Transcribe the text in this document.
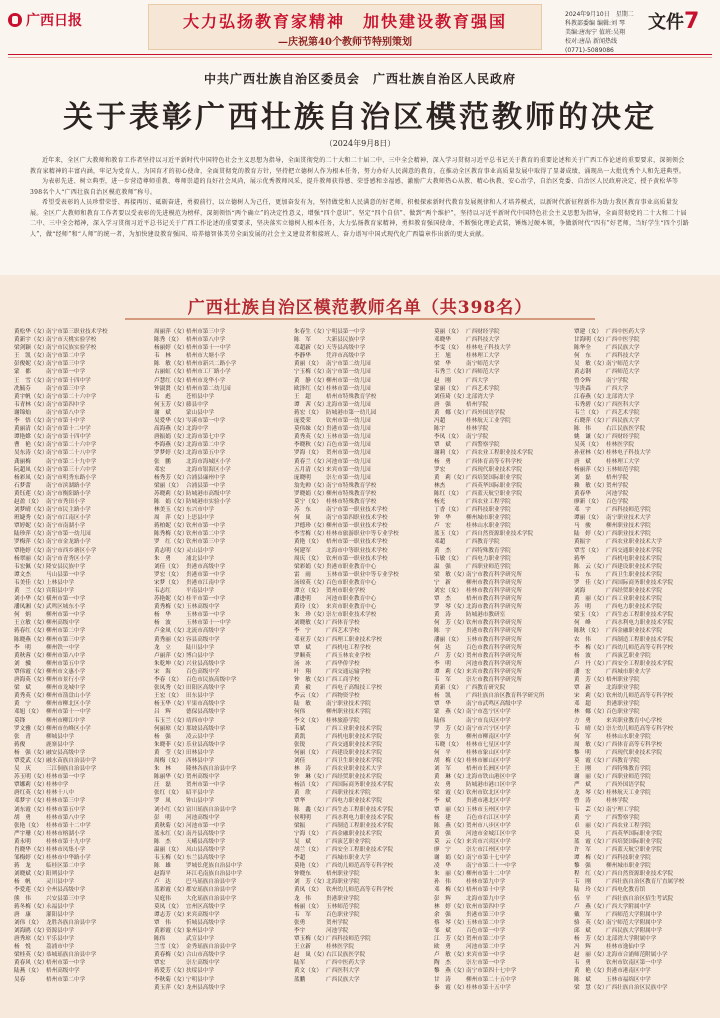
广西日报	大力弘扬教育家精神　加快建设教育强国
—庆祝第40个教师节特别策划
2024年9月10日　星期二
科教部委编 编辑:刘 琴
美编:唐海宁 值班:吴翔
校对:唐晶 新闻热线(0771)-5089086
文件7
中共广西壮族自治区委员会　广西壮族自治区人民政府
关于表彰广西壮族自治区模范教师的决定
（2024年9月8日）

近年来，全区广大教师和教育工作者坚持以习近平新时代中国特色社会主义思想为指导，全面贯彻党的二十大和二十届二中、三中全会精神，深入学习贯彻习近平总书记关于教育的重要论述和关于广西工作论述的重要要求，深刻领会教育家精神的丰富内涵，牢记为党育人、为国育才的初心使命，全面贯彻党的教育方针，坚持把立德树人作为根本任务，努力办好人民满意的教育，在推动全区教育事业高质量发展中取得了显著成绩，涌现出一大批优秀个人和先进典型。

为表彰先进、树立典型，进一步营造尊师重教、尊师崇道的良好社会风尚，展示优秀教师风采，提升教师获得感、荣誉感和幸福感，激励广大教师热心从教、精心执教、安心治学，自治区党委、自治区人民政府决定，授予黄松华等398名个人“广西壮族自治区模范教师”称号。

希望受表彰的人员珍惜荣誉、再接再厉、砥砺奋进，勇毅前行，以立德树人为己任，更加奋发有为，坚持做党和人民满意的好老师，积极探索新时代教育发展规律和人才培养模式，以新时代新征程新作为助力我区教育事业高质量发展。全区广大教师和教育工作者要以受表彰的先进模范为榜样，深刻领悟“两个确立”的决定性意义，增强“四个意识”、坚定“四个自信”、做到“两个维护”，坚持以习近平新时代中国特色社会主义思想为指导，全面贯彻党的二十大和二十届二中、三中全会精神，深入学习贯彻习近平总书记关于广西工作论述的重要要求，坚决落实立德树人根本任务，大力弘扬教育家精神，勇担教育强国使命，不断强化理论武装，锤炼过硬本领，争做新时代“四有”好老师，当好学生“四个引路人”，做“经师”和“人师”的统一者，为加快建设教育强国、培养德智体美劳全面发展的社会主义建设者和接班人、奋力谱写中国式现代化广西篇章作出新的更大贡献。

广西壮族自治区模范教师名单（共398名）
黄松华（女）南宁市第三职业技术学校
黄新宇（女）南宁市天桃实验学校
梁剑颖（女）南宁市民族实验学校
王　凯（女）南宁市第二中学
彭俊妮（女）南宁市第三中学
蒙　都	南宁市第一中学
王　雪（女）南宁市第十四中学
冼毓芬	南宁市第三中学
黄宇帆（女）南宁市第二十六中学
韦青林（女）南宁市第四中学
谢锦灿	南宁市第八中学
李　悟（女）南宁市第十中学
黄丽清（女）南宁市第十二中学
谭艳嫦（女）南宁市第十四中学
曹　艳（女）南宁市第二十六中学
吴东涛（女）南宁市第二十八中学
龚丽梅	南宁市第二十九中学
阮超凤（女）南宁市第三十六中学
杨彩凤（女）南宁市明秀东路小学
石梦蕾	南宁市滨湖路小学
黄钰莲（女）南宁市衡阳路小学
赵盈（女） 南宁市秀田小学
刘梦晴（女）南宁市民主路小学
班婕秀（女）南宁市江南区小学
覃婷妮（女）南宁市南湖小学
陆珍萍（女）南宁市第一幼儿园
罗梅萍（女）南宁市金龙路小学
覃艳婷（女）南宁市西乡塘区小学
杨翠丽（女）南宁市青秀区小学
韦宏佩（女）隆安县民族中学
谭文杰	马山县第一中学
韦美佳（女）上林县中学
黄　兰（女）宾阳县中学
刘小华（女）横州市第一中学
潘凤湘（女）武鸣区城东小学
何　炳	柳州市第一中学
王立敏（女）柳州高级中学
蒋春红（女）柳州市第二中学
陈晓燕（女）柳州市第三中学
李　明	柳州铁一中学
黄秋蓉（女）柳州市第八中学
刘　骥	柳州市第五中学
覃伟霞（女）柳州市文惠小学
唐海英（女）柳州市景行小学
梁　斌	柳州市龙城中学
黄秀英（女）柳州市箭盘山小学
黄　宁	柳州市柳北区小学
邓旭（女） 柳州市第十一中学
莫锋	柳州市柳江中学
罗文雅（女）柳州市鱼峰区小学
张　青	柳城县中学
蒋俊	鹿寨县中学
杨　强（女）融安县高级中学
覃爱武（女）融水苗族自治县中学
吴　庆	三江侗族自治县中学
苏玉明（女）桂林市第一中学
覃娜莉（女）桂林中学
唐红英（女）桂林十八中
邓梦宇（女）桂林市第三中学
刘东霞（女）桂林市第五中学
胡　勇	桂林市第八中学
张艳（女） 桂林市第十二中学
严宇珊（女）桂林市榕湖小学
黄永明	桂林市第十九中学
肖晓华（女）桂林市凤集小学
邹梅婷（女）桂林市中华路小学
蒋　龙	临桂区第二中学
刘晓斌（女）阳朔县中学
杨　帆	灵川县中学
李爱莲（女）全州县高级中学
熊　伟	兴安县第三中学
蒋冬梅（女）永福县中学
唐　康	灌阳县中学
刘伟（女） 龙胜各族自治县中学
刘海鸥（女）资源县中学
唐秀琼（女）平乐县中学
杨　悦	荔浦市中学
梁桂英（女）恭城瑶族自治县中学
黄春风（女）梧州市第一中学
陆燕（女） 梧州高级中学
吴春	梧州市第二中学
周丽萍（女）梧州市第三中学
陈秀（女） 梧州市第八中学
杨丽婷（女）梧州市第十一中学
韦　林	梧州市大塘小学
陈　敏（女）梧州市新兴二路小学
古丽虹（女）梧州市工厂路小学
卢慧红（女）梧州市龙华小学
钟淑贤（女）梧州市第二幼儿园
韦　彪	苍梧县中学
何玉芳（女）藤县中学
谢　斌	蒙山县中学
吴爱华（女）岑溪市第一中学
高海燕（女）北海中学
唐振娟（女）北海市第七中学
李海燕（女）北海市第二中学
罗梦婷（女）北海市第五中学
张　鹏	北海市海城区小学
邓宏	北海市银海区小学
杨秀芳（女）合浦县廉州中学
梁丽（女） 合浦县第一中学
苏晓莉（女）防城港市高级中学
陈　娟（女）防城港市实验小学
林美玉（女）东兴市中学
周　萍（女）上思县中学
蒋柏妮（女）钦州市第一中学
陈秀梅（女）钦州市第二中学
罗　红（女）钦州市第三中学
黄志明（女）灵山县中学
朱　勇	浦北县中学
刘佳（女） 贵港市高级中学
罗宏（女） 贵港市第一中学
宋梦（女） 贵港市江南中学
韦志红	平南县中学
苏艳妮（女）桂平市第一中学
黄秀梅（女）玉林高级中学
杨　华	玉林市第一中学
杨　波	玉林市第十一中学
卢金凤（女）北流市高级中学
黄秀丽（女）容县高级中学
龙　立	陆川县中学
卢丽萍（女）博白县中学
朱乾坤（女）兴业县高级中学
宋　海	百色高级中学
李春（女） 百色市民族高级中学
张凤秀（女）田阳区高级中学
王宏（女） 田东县中学
杨玉华（女）平果市高级中学
吕　辉	德保县高级中学
韦玉兰（女）靖西市中学
何丽琼（女）那坡县高级中学
杨　强	凌云县中学
朱晓菲（女）乐业县高级中学
黄　莹（女）田林县中学
周梅（女） 西林县中学
朱　林	隆林各族自治县中学
陈丽华（女）贺州高级中学
汪　磊	贺州市第一中学
张红（女） 昭平县中学
罗　凤	钟山县中学
刘小红（女）富川瑶族自治县中学
彭　明	河池高级中学
黄秋菊（女）河池市第一中学
蓝永红（女）南丹县高级中学
陈　杰	天峨县高级中学
温丽（女） 凤山县高级中学
韦玉梅（女）东兰县高级中学
陈　雄	罗城仫佬族自治县中学
赵海平	环江毛南族自治县中学
卢　达	巴马瑶族自治县中学
蓝彩霞（女）都安瑶族自治县中学
吴庭伟	大化瑶族自治县中学
莫凤（女） 宜州区高级中学
谭志芳（女）来宾高级中学
覃　伟	忻城县高级中学
黄彩霞（女）象州县中学
陈伟	武宣县中学
兰雪（女） 金秀瑶族自治县中学
黄春梅（女）合山市高级中学
覃宏	崇左高级中学
蒋爱芳（女）扶绥县中学
李秋菊（女）宁明县中学
黄玉萍（女）龙州县高级中学
朱春生（女）宁明县第一中学
陈　军	大新县民族中学
邓超新（女）天等县高级中学
李静华	凭祥市高级中学
黄丽（女） 南宁市第二幼儿园
宁玉梅（女）南宁市第一幼儿园
黄　静（女）柳州市第一幼儿园
欧泽红（女）桂林市第一幼儿园
王　超	梧州市特殊教育学校
谭　茜（女）北海市第一幼儿园
蒋宏（女） 防城港市第一幼儿园
庞爱荣	钦州市第一幼儿园
莫伟妹（女）贵港市第一幼儿园
黄秀英（女）玉林市第一幼儿园
李晓秋（女）百色市第一幼儿园
罗海（女） 贺州市第一幼儿园
黄春兰（女）河池市第一幼儿园
五月清（女）来宾市第一幼儿园
庞晓明	崇左市第一幼儿园
翁先帅（女）南宁市特殊教育学校
罗晓娟（女）柳州市特殊教育学校
莫宁（女） 桂林市特殊教育学校
苏　东	南宁市第一职业技术学校
何　岚	南宁市第四职业技术学校
尹德珍（女）柳州市第一职业技术学校
李雪梅（女）桂林市旅游职业中等专业学校
黄艳（女） 梧州市第一职业技术学校
何建军	北海市中等职业技术学校
周庆（女） 钦州市第一职业技术学校
梁彩娟（女）贵港市职业教育中心
雷　雨	玉林市第一职业中等专业学校
汤琼英（女）百色市职业教育中心
谭立（女） 贺州市职业学校
潘进明	河池市职业教育中心
黄玲（女） 来宾市职业教育中心
朱　珍（女）崇左市职业技术学校
刘晓敏（女）广西体育学校
李　宁	广西艺术学校
邓亚芳（女）广西理工职业技术学校
覃　斌	广西机电工程学校
罗顺英	广西玉林农业学校
汤　冰	广西华侨学校
叶　翔	广西交通运输学校
钟　敏（女）广西工商学校
黄　毅	广西电子高级技工学校
李云（女） 广西物资学校
陆　敏	南宁职业技术学院
何伟	柳州职业技术学院
李文（女） 桂林旅游学院
韦斌	广西工业职业技术学院
黄凯	广西机电职业技术学院
张锐	广西交通职业技术学院
何丽（女） 广西建设职业技术学院
刘佳	广西卫生职业技术学院
林　涛	广西农业职业技术大学
钟　琳（女）广西经贸职业技术学院
杨洁（女） 广西国际商务职业技术学院
黄　欣	广西职业技术学院
覃华	广西电力职业技术学院
陈　鑫（女）广西生态工程职业技术学院
侯明明	广西水利电力职业技术学院
梁振	广西制造工程职业技术学院
宁海（女） 广西金融职业技术学院
吴　斌	广西演艺职业学院
胡兰（女） 广西安全工程职业技术学院
李超	广西城市职业大学
莫艳（女） 广西幼儿师范高等专科学校
钟晓东	梧州职业学院
刘　芳（女）北海职业学院
黄凤（女） 钦州幼儿师范高等专科学校
龙　伟	贵港职业学院
杨丽（女） 玉林师范学院
韦　军	百色职业学院
张勇	贺州学院
李宇	河池学院
覃玉梅（女）广西科技师范学院
王立新	桂林医学院
赵　岚（女）右江民族医学院
陆军	广西中医药大学
黄文（女） 广西医科大学
蓝鹏	广西民族大学
莫丽（女） 广西财经学院
邓晓华	广西科技大学
李雯（女） 桂林电子科技大学
王　旭	桂林理工大学
梁　华	南宁师范大学
韦秀兰（女）广西师范大学
赵　刚	广西大学
蒙丽（女） 广西艺术学院
刘佳琦（女）北部湾大学
唐　强	梧州学院
黄　娜（女）广西外国语学院
冯超	桂林航天工业学院
陈宇	桂林学院
李凤（女） 南宁学院
覃　斌	广西警察学院
谢莉（女） 广西农业工程职业技术学院
杨　勇	广西体育高等专科学校
罗宏	广西现代职业技术学院
黄　莉（女）广西培贤国际职业学院
林杰	广西英华国际职业学院
陈红（女） 广西蓝天航空职业学院
杨光	广西农业工程学院
丁香（女） 广西科技职业学院
钟　华	柳州城市职业学院
卢　宏	桂林山水职业学院
蓝玉（女） 广西自然资源职业技术学院
邓超	广西教育学院
黄　杰	广西特殊教育学院
韦敏（女） 广西电力职业学院
温　强	广西职业师范学院
梁　敏（女）南宁市教育科学研究所
宁　新	柳州市教育科学研究所
刘宏（女） 桂林市教育科学研究所
覃　杰	梧州市教育科学研究所
罗　琴（女）北海市教育科学研究所
黄　涛	防城港市教研室
何　芳（女）钦州市教育科学研究所
陈　宇	贵港市教育科学研究所
潘丽（女） 玉林市教育科学研究所
何　达	百色市教育科学研究所
卢　芳（女）贺州市教育科学研究所
李　明	河池市教育科学研究所
谭　莉（女）来宾市教育科学研究所
韦　军	崇左市教育科学研究所
黄新（女） 广西教育研究院
杨　凯	广西壮族自治区教育科学研究所
覃　华	南宁市武鸣区高级中学
蒙　燕（女）南宁市邕宁区中学
陆伟	南宁市良庆区中学
罗　芳（女）南宁市兴宁区中学
张　力	柳州市柳南区中学
韦晓（女） 桂林市七星区中学
何　平	桂林市象山区中学
胡　梅（女）桂林市雁山区中学
刘　军	梧州市长洲区中学
黄　琳（女）北海市铁山港区中学
农　勇	防城港市港口区中学
梁　霞（女）钦州市钦北区中学
李　斌	贵港市港北区中学
覃　丽（女）玉林市玉州区中学
杨　建	百色市右江区中学
陈　燕（女）贺州市八步区中学
黄　强	河池市金城江区中学
莫　云（女）来宾市兴宾区中学
廖　宁	崇左市江州区中学
谢　娟（女）南宁市第十七中学
凌　华	南宁市第二十一中学
朱　丽（女）柳州市第十二中学
孙　伟	桂林市第九中学
邓　梅（女）梧州市第十中学
彭　辉	北海市第九中学
林　婷（女）钦州市第四中学
余　强	贵港市第三中学
蔡　琴（女）玉林市第二中学
邹　斌	百色市第一中学
江　芳（女）贺州市第二中学
欧　勇	河池市第二中学
卢　敏（女）来宾市第一中学
陶　杰	崇左市第一中学
黎　燕（女）南宁市第四十七中学
甘　涛	柳州市第二十五中学
秦　霞（女）桂林市第十五中学
覃建（女） 广西中医药大学
甘海明（女）广西中医学院
陈华全	广西民族大学
何　东	广西科技大学
吴　敏（女）南宁师范大学
黄志钢	广西师范大学
曾令辉	南宁学院
岑贵森	广西大学
江春燕（女）北部湾大学
韦秀碧（女）广西医科大学
韦兰（女） 广西艺术学院
石晓萍（女）广西民族大学
陈　伟	右江民族医学院
姚　谦（女）广西财经学院
吴英（女） 桂林医学院
孙亚林（女）桂林电子科技大学
唐　斌	桂林理工大学
杨丽萍（女）玉林师范学院
刘　磊	梧州学院
赖　敏（女）贺州学院
黄春华	河池学院
廖新（女） 百色学院
邓　宇	广西科技师范学院
谭丽（女） 南宁职业技术大学
马　骏	柳州职业技术学院
陆　婷（女）广西职业技术学院
黄振宇	广西农业职业技术大学
覃雪（女） 广西交通职业技术学院
蒋华	广西机电职业技术学院
陈　云（女）广西建设职业技术学院
韦　东	广西卫生职业技术学院
罗　佳（女）广西国际商务职业技术学院
刘海	广西经贸职业技术学院
黄　丽（女）广西工业职业技术学院
苏　明	广西电力职业技术学院
梁玉（女） 广西生态工程职业技术学院
何　峰	广西水利电力职业技术学院
陈秋（女） 广西金融职业技术学院
农　伟	广西制造工程职业技术学院
李　梅（女）广西幼儿师范高等专科学校
杨　波	广西演艺职业学院
卢　丹（女）广西安全工程职业技术学院
潘　宏	广西城市职业大学
黄　芳（女）梧州职业学院
覃　新	北海职业学院
宋　莉（女）钦州幼儿师范高等专科学校
邓　超	贵港职业学院
林　娜（女）百色职业学院
方　勇	来宾职业教育中心学校
韦　晴（女）崇左幼儿师范高等专科学校
何　军	桂林山水职业学院
周　敏（女）广西体育高等专科学校
黎　明	广西现代职业技术学院
莫　霞（女）广西教育学院
王　刚	广西特殊教育学院
谢　丽（女）广西职业师范学院
严　斌	广西外国语学院
龙　琴（女）桂林航天工业学院
曾　涛	桂林学院
韦　芸（女）南宁理工学院
黄　宁	广西警察学院
卓　丽（女）广西农业工程学院
莫　凡	广西英华国际职业学院
蓝　霞（女）广西培贤国际职业学院
许　军	广西蓝天航空职业学院
谭　梅（女）广西科技职业学院
黎　强	柳州城市职业学院
程　红（女）广西自然资源职业技术学院
韦　刚	广西壮族自治区教育厅直属学校
陆　玲（女）广西电化教育馆
伍　平	广西壮族自治区招生考试院
卢　燕（女）广西大学附属中学
戴　军	广西师范大学附属中学
骆　英（女）南宁师范大学附属中学
邱　斌	广西民族大学附属中学
杨　芳（女）北部湾大学附属中学
冯　辉	桂林市逸仙中学
赵　丽（女）北海市合浦师范附属小学
韦　勇	钦州市钦南区第一中学
黄　艳（女）贵港市港南区中学
陈　斌	玉林市福绵区中学
梁　慧（女）广西壮族自治区民族中学
